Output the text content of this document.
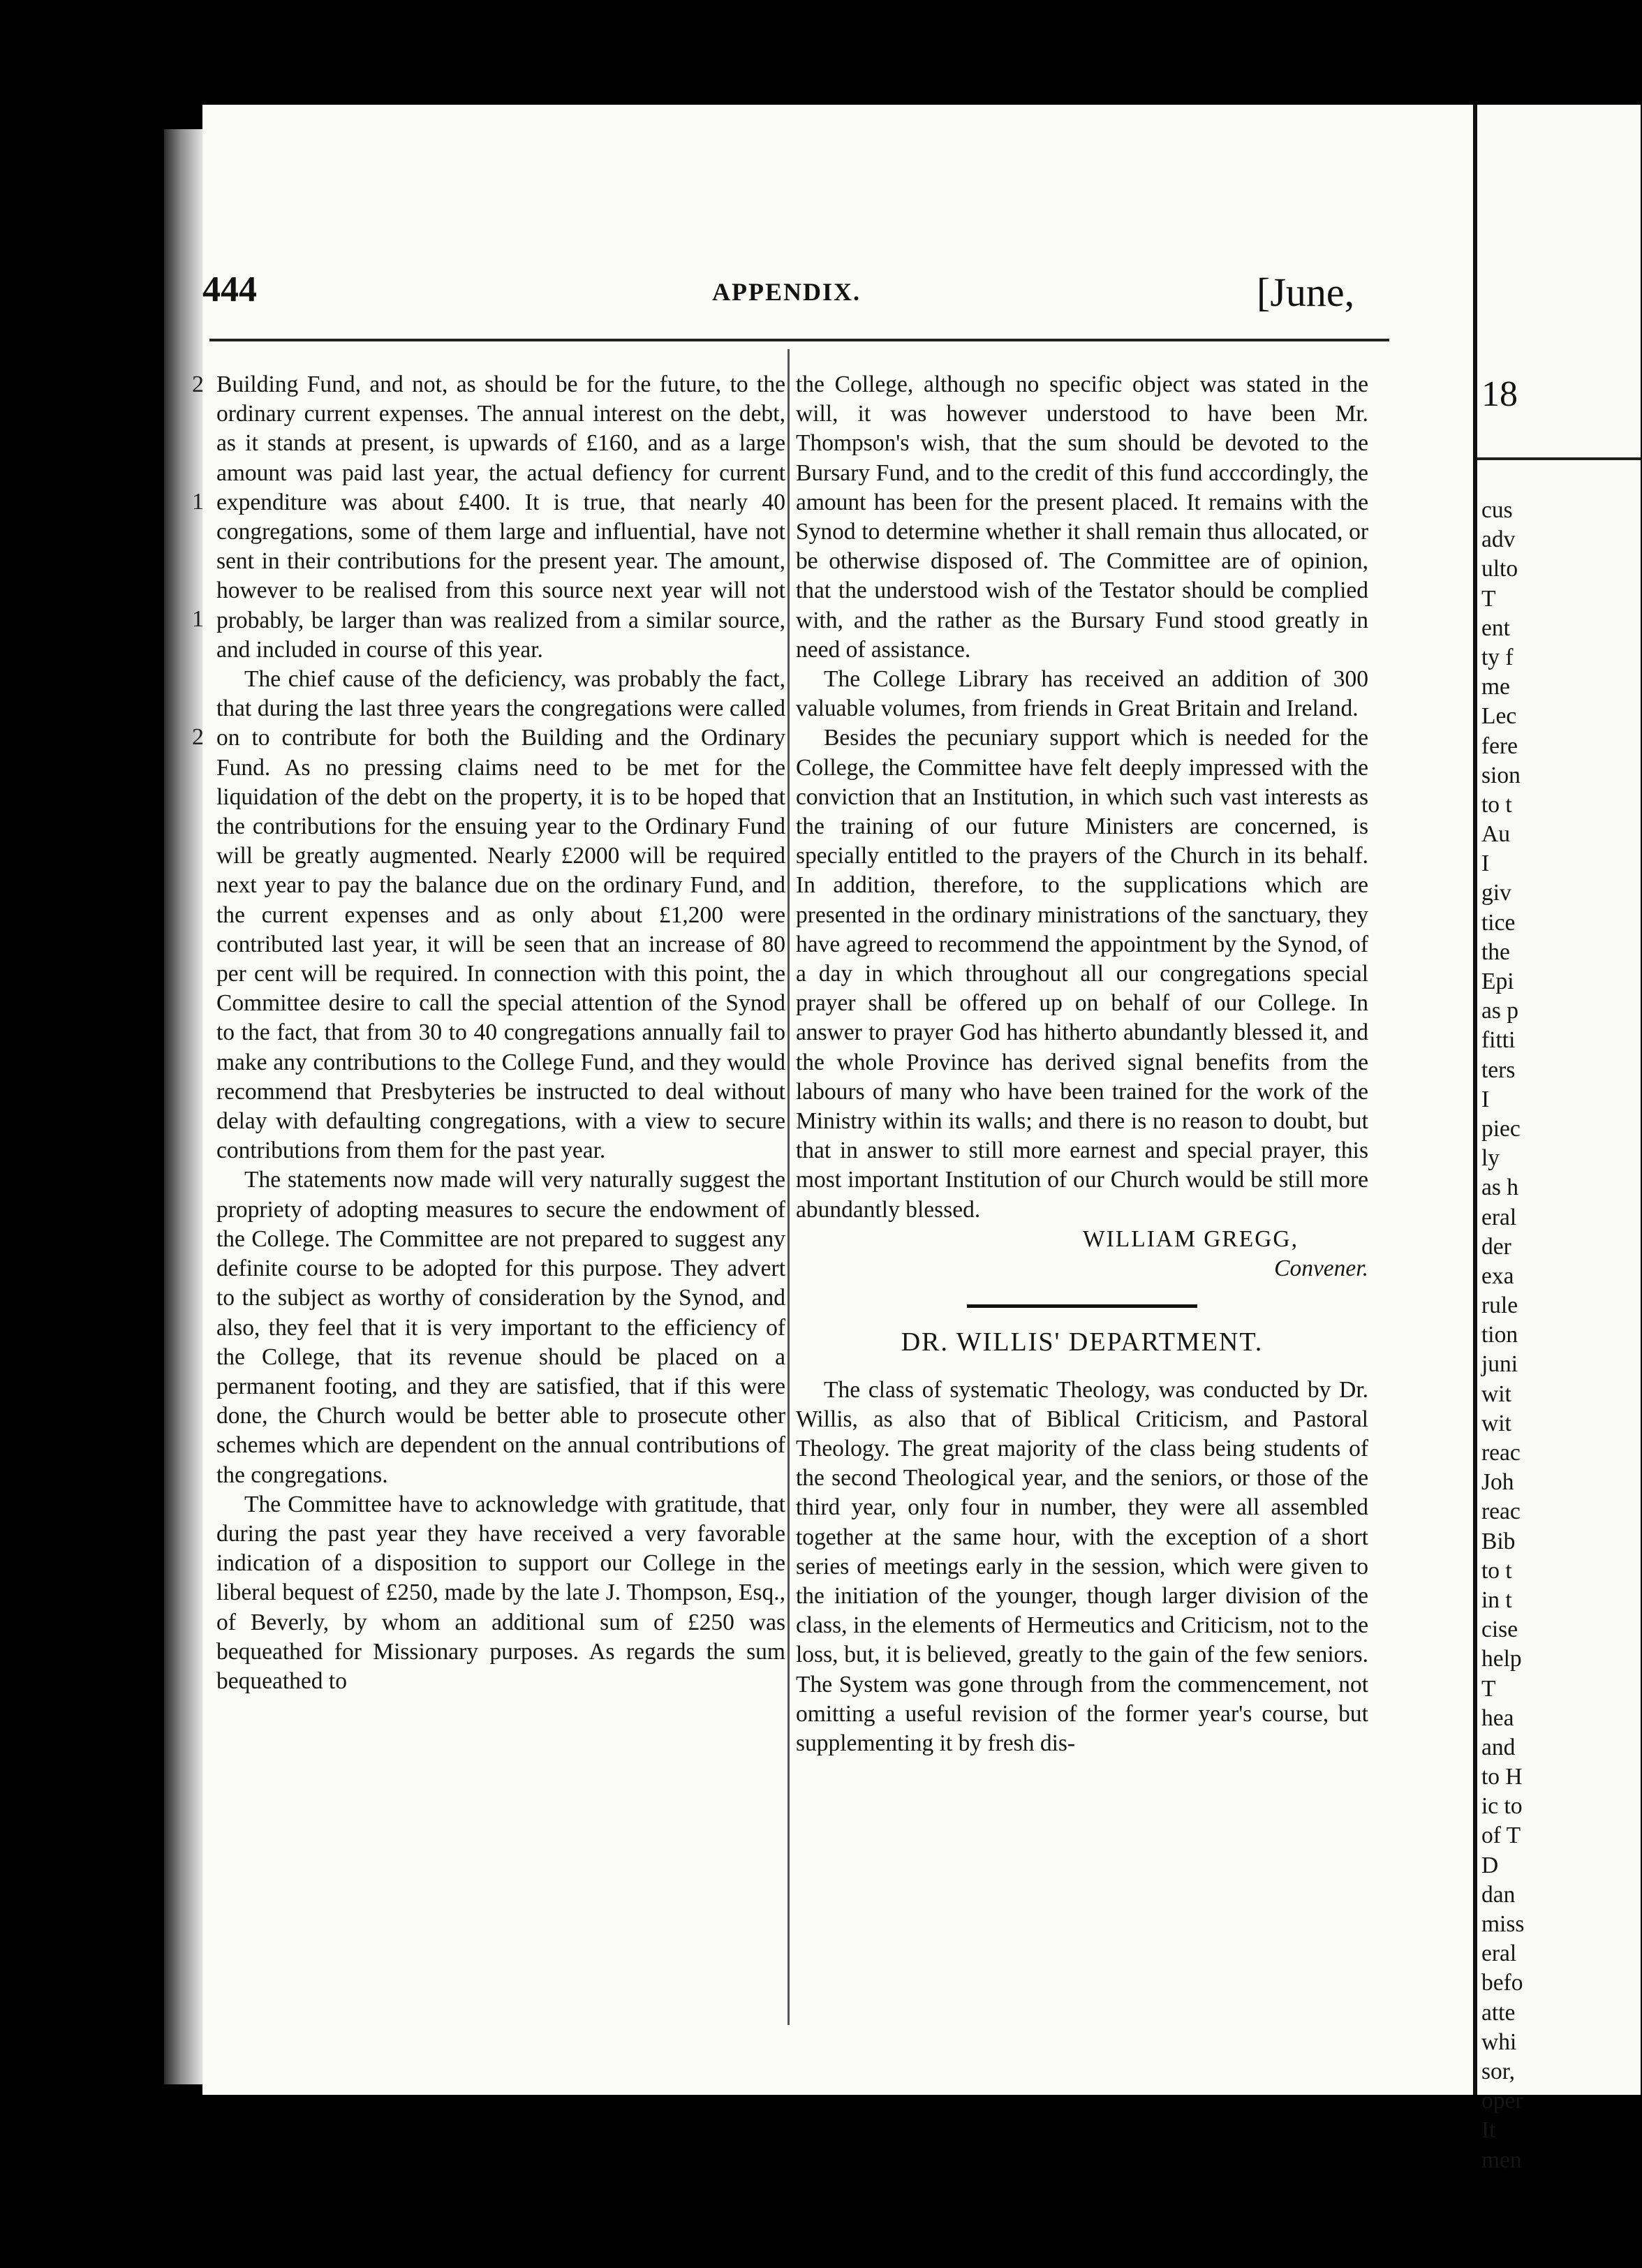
18
cus
adv
ulto
T
ent
ty f
me
Lec
fere
sion
to t
Au
I
giv
tice
the
Epi
as p
fitti
ters
I
piec
ly
as h
eral
der
exa
rule
tion
juni
wit
wit
reac
Joh
reac
Bib
to t
in t
cise
help
T
hea
and
to H
ic to
of T
D
dan
miss
eral
befo
atte
whi
sor,
oper
It
men
444	APPENDIX.	[June,
2
1
1
2

Building Fund, and not, as should be for the future, to the ordinary current expenses. The annual interest on the debt, as it stands at present, is upwards of £160, and as a large amount was paid last year, the actual defiency for current expenditure was about £400. It is true, that nearly 40 congregations, some of them large and influential, have not sent in their contributions for the present year. The amount, however to be realised from this source next year will not probably, be larger than was realized from a similar source, and included in course of this year.

The chief cause of the deficiency, was probably the fact, that during the last three years the congregations were called on to contribute for both the Building and the Ordinary Fund. As no pressing claims need to be met for the liquidation of the debt on the property, it is to be hoped that the contributions for the ensuing year to the Ordinary Fund will be greatly augmented. Nearly £2000 will be required next year to pay the balance due on the ordinary Fund, and the current expenses and as only about £1,200 were contributed last year, it will be seen that an increase of 80 per cent will be required. In connection with this point, the Committee desire to call the special attention of the Synod to the fact, that from 30 to 40 congregations annually fail to make any contributions to the College Fund, and they would recommend that Presbyteries be instructed to deal without delay with defaulting congregations, with a view to secure contributions from them for the past year.

The statements now made will very naturally suggest the propriety of adopting measures to secure the endowment of the College. The Committee are not prepared to suggest any definite course to be adopted for this purpose. They advert to the subject as worthy of consideration by the Synod, and also, they feel that it is very important to the efficiency of the College, that its revenue should be placed on a permanent footing, and they are satisfied, that if this were done, the Church would be better able to prosecute other schemes which are dependent on the annual contributions of the congregations.

The Committee have to acknowledge with gratitude, that during the past year they have received a very favorable indication of a disposition to support our College in the liberal bequest of £250, made by the late J. Thompson, Esq., of Beverly, by whom an additional sum of £250 was bequeathed for Missionary purposes. As regards the sum bequeathed to

the College, although no specific object was stated in the will, it was however understood to have been Mr. Thompson's wish, that the sum should be devoted to the Bursary Fund, and to the credit of this fund acccordingly, the amount has been for the present placed. It remains with the Synod to determine whether it shall remain thus allocated, or be otherwise disposed of. The Committee are of opinion, that the understood wish of the Testator should be complied with, and the rather as the Bursary Fund stood greatly in need of assistance.

The College Library has received an addition of 300 valuable volumes, from friends in Great Britain and Ireland.

Besides the pecuniary support which is needed for the College, the Committee have felt deeply impressed with the conviction that an Institution, in which such vast interests as the training of our future Ministers are concerned, is specially entitled to the prayers of the Church in its behalf. In addition, therefore, to the supplications which are presented in the ordinary ministrations of the sanctuary, they have agreed to recommend the appointment by the Synod, of a day in which throughout all our congregations special prayer shall be offered up on behalf of our College. In answer to prayer God has hitherto abundantly blessed it, and the whole Province has derived signal benefits from the labours of many who have been trained for the work of the Ministry within its walls; and there is no reason to doubt, but that in answer to still more earnest and special prayer, this most important Institution of our Church would be still more abundantly blessed.

WILLIAM GREGG,

Convener.

DR. WILLIS' DEPARTMENT.

The class of systematic Theology, was conducted by Dr. Willis, as also that of Biblical Criticism, and Pastoral Theology. The great majority of the class being students of the second Theological year, and the seniors, or those of the third year, only four in number, they were all assembled together at the same hour, with the exception of a short series of meetings early in the session, which were given to the initiation of the younger, though larger division of the class, in the elements of Hermeutics and Criticism, not to the loss, but, it is believed, greatly to the gain of the few seniors. The System was gone through from the commencement, not omitting a useful revision of the former year's course, but supplementing it by fresh dis-
